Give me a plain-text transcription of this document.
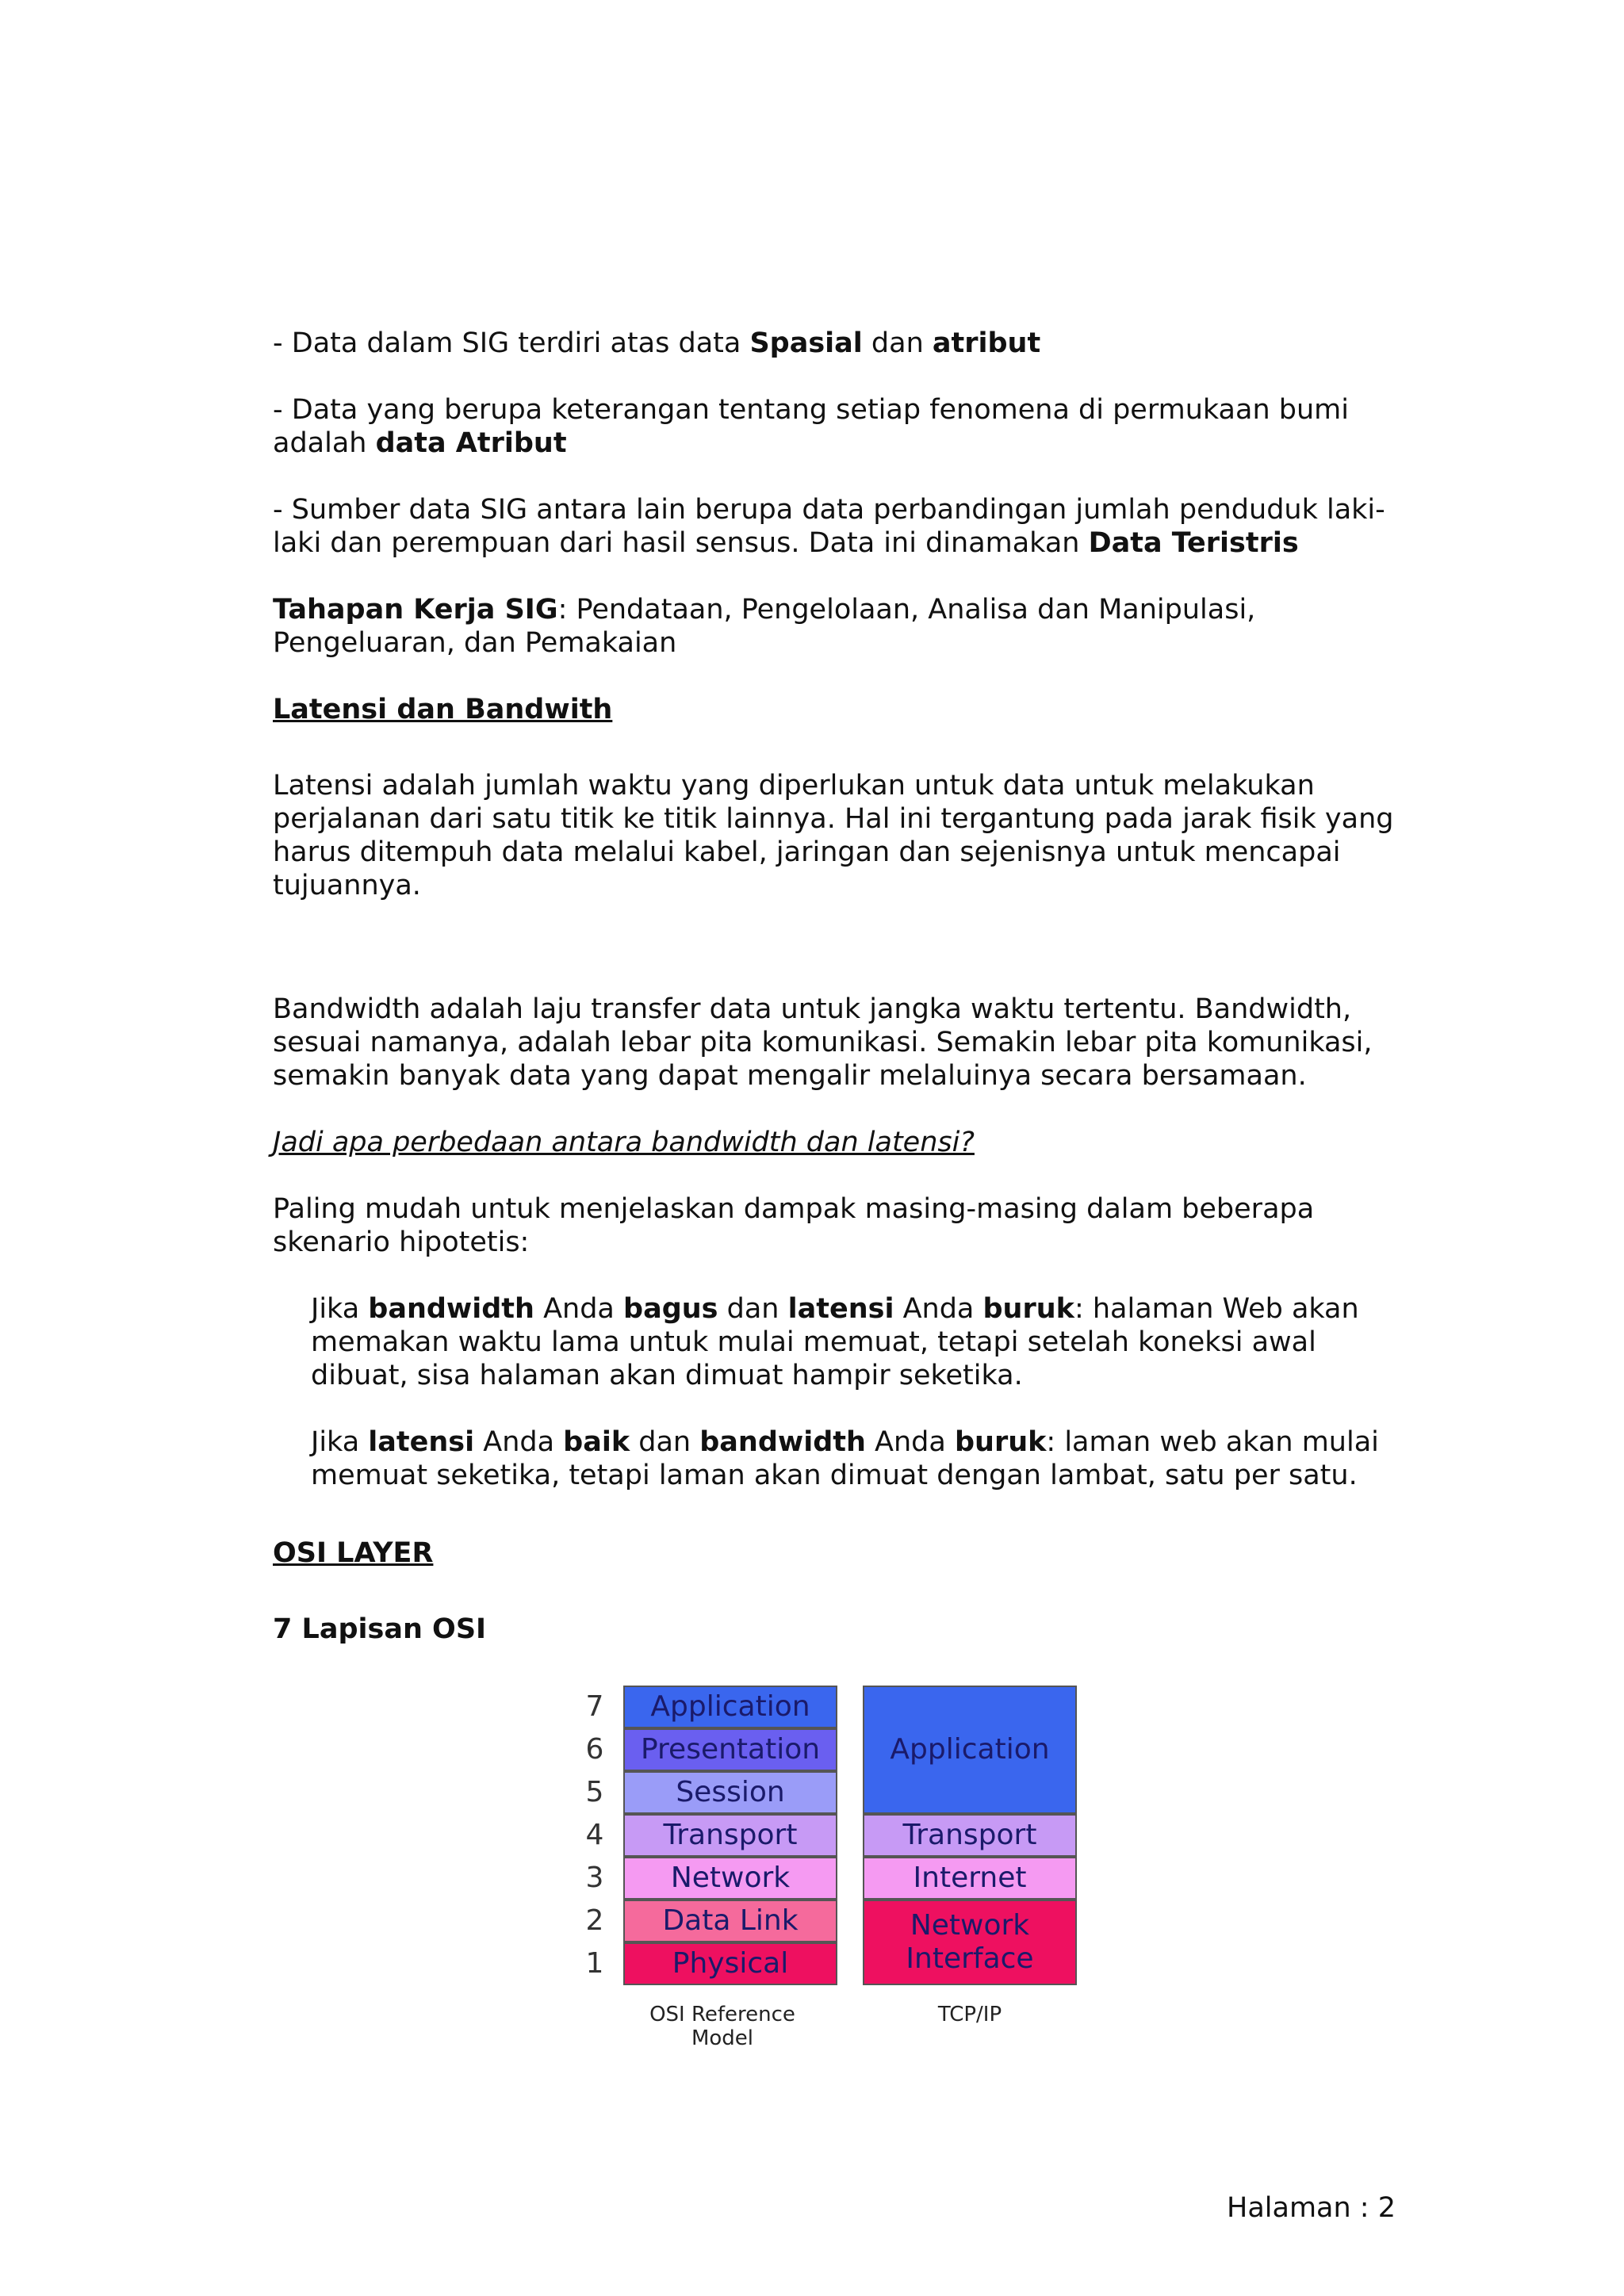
- Data dalam SIG terdiri atas data Spasial dan atribut

- Data yang berupa keterangan tentang setiap fenomena di permukaan bumi adalah data Atribut

- Sumber data SIG antara lain berupa data perbandingan jumlah penduduk laki-laki dan perempuan dari hasil sensus. Data ini dinamakan Data Teristris

Tahapan Kerja SIG: Pendataan, Pengelolaan, Analisa dan Manipulasi, Pengeluaran, dan Pemakaian

Latensi dan Bandwith

Latensi adalah jumlah waktu yang diperlukan untuk data untuk melakukan perjalanan dari satu titik ke titik lainnya. Hal ini tergantung pada jarak fisik yang harus ditempuh data melalui kabel, jaringan dan sejenisnya untuk mencapai tujuannya.

Bandwidth adalah laju transfer data untuk jangka waktu tertentu. Bandwidth, sesuai namanya, adalah lebar pita komunikasi. Semakin lebar pita komunikasi, semakin banyak data yang dapat mengalir melaluinya secara bersamaan.

Jadi apa perbedaan antara bandwidth dan latensi?

Paling mudah untuk menjelaskan dampak masing-masing dalam beberapa skenario hipotetis:

Jika bandwidth Anda bagus dan latensi Anda buruk: halaman Web akan memakan waktu lama untuk mulai memuat, tetapi setelah koneksi awal dibuat, sisa halaman akan dimuat hampir seketika.

Jika latensi Anda baik dan bandwidth Anda buruk: laman web akan mulai memuat seketika, tetapi laman akan dimuat dengan lambat, satu per satu.

OSI LAYER
7 Lapisan OSI
7
6
5
4
3
2
1
Application
Presentation
Session
Transport
Network
Data Link
Physical
Application
Transport
Internet
Network
Interface
OSI Reference Model
TCP/IP
Halaman : 2
